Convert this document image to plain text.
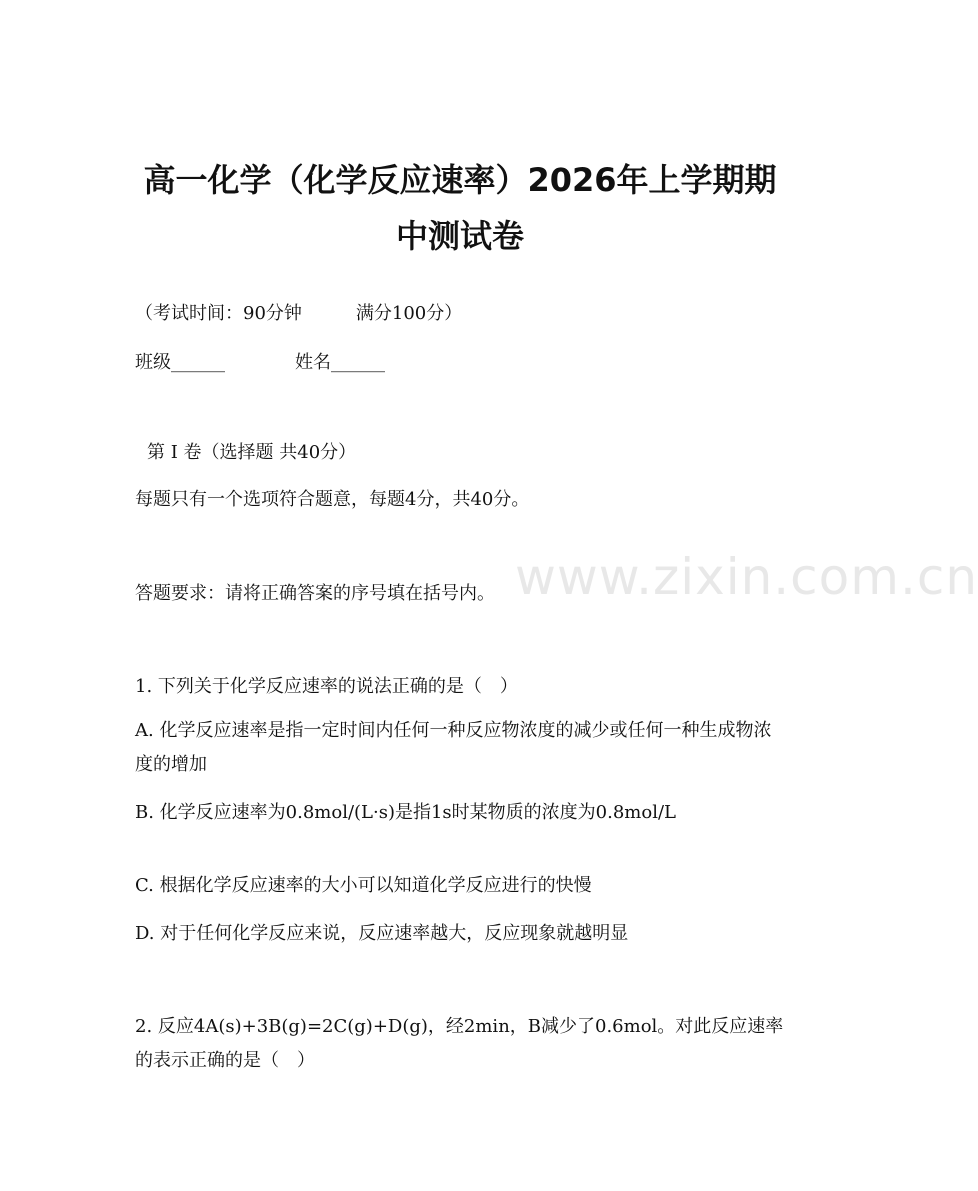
www.zixin.com.cn
高一化学（化学反应速率）2026年上学期期
中测试卷
（考试时间：90分钟　　　满分100分）
班级______	姓名______
第 I 卷（选择题 共40分）
每题只有一个选项符合题意，每题4分，共40分。
答题要求：请将正确答案的序号填在括号内。
1. 下列关于化学反应速率的说法正确的是（　）
A. 化学反应速率是指一定时间内任何一种反应物浓度的减少或任何一种生成物浓度的增加
B. 化学反应速率为0.8mol/(L·s)是指1s时某物质的浓度为0.8mol/L
C. 根据化学反应速率的大小可以知道化学反应进行的快慢
D. 对于任何化学反应来说，反应速率越大，反应现象就越明显
2. 反应4A(s)+3B(g)=2C(g)+D(g)，经2min，B减少了0.6mol。对此反应速率的表示正确的是（　）
